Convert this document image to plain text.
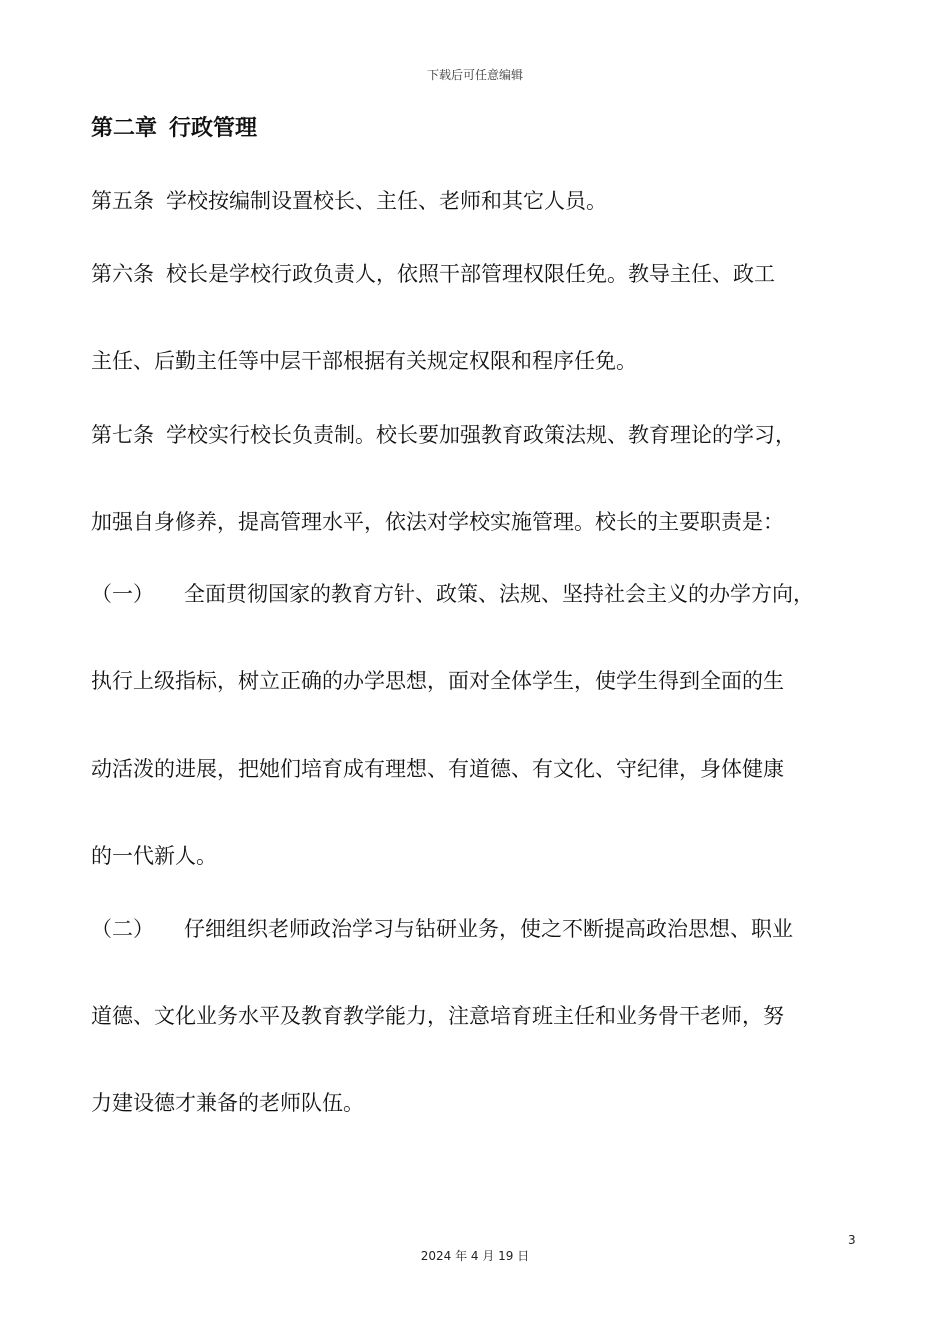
下载后可任意编辑
第二章 行政管理
第五条 学校按编制设置校长、主任、老师和其它人员。
第六条 校长是学校行政负责人，依照干部管理权限任免。教导主任、政工
主任、后勤主任等中层干部根据有关规定权限和程序任免。
第七条 学校实行校长负责制。校长要加强教育政策法规、教育理论的学习，
加强自身修养，提高管理水平，依法对学校实施管理。校长的主要职责是：
（一） 全面贯彻国家的教育方针、政策、法规、坚持社会主义的办学方向，
执行上级指标，树立正确的办学思想，面对全体学生，使学生得到全面的生
动活泼的进展，把她们培育成有理想、有道德、有文化、守纪律，身体健康
的一代新人。
（二） 仔细组织老师政治学习与钻研业务，使之不断提高政治思想、职业
道德、文化业务水平及教育教学能力，注意培育班主任和业务骨干老师，努
力建设德才兼备的老师队伍。
3
2024 年 4 月 19 日
